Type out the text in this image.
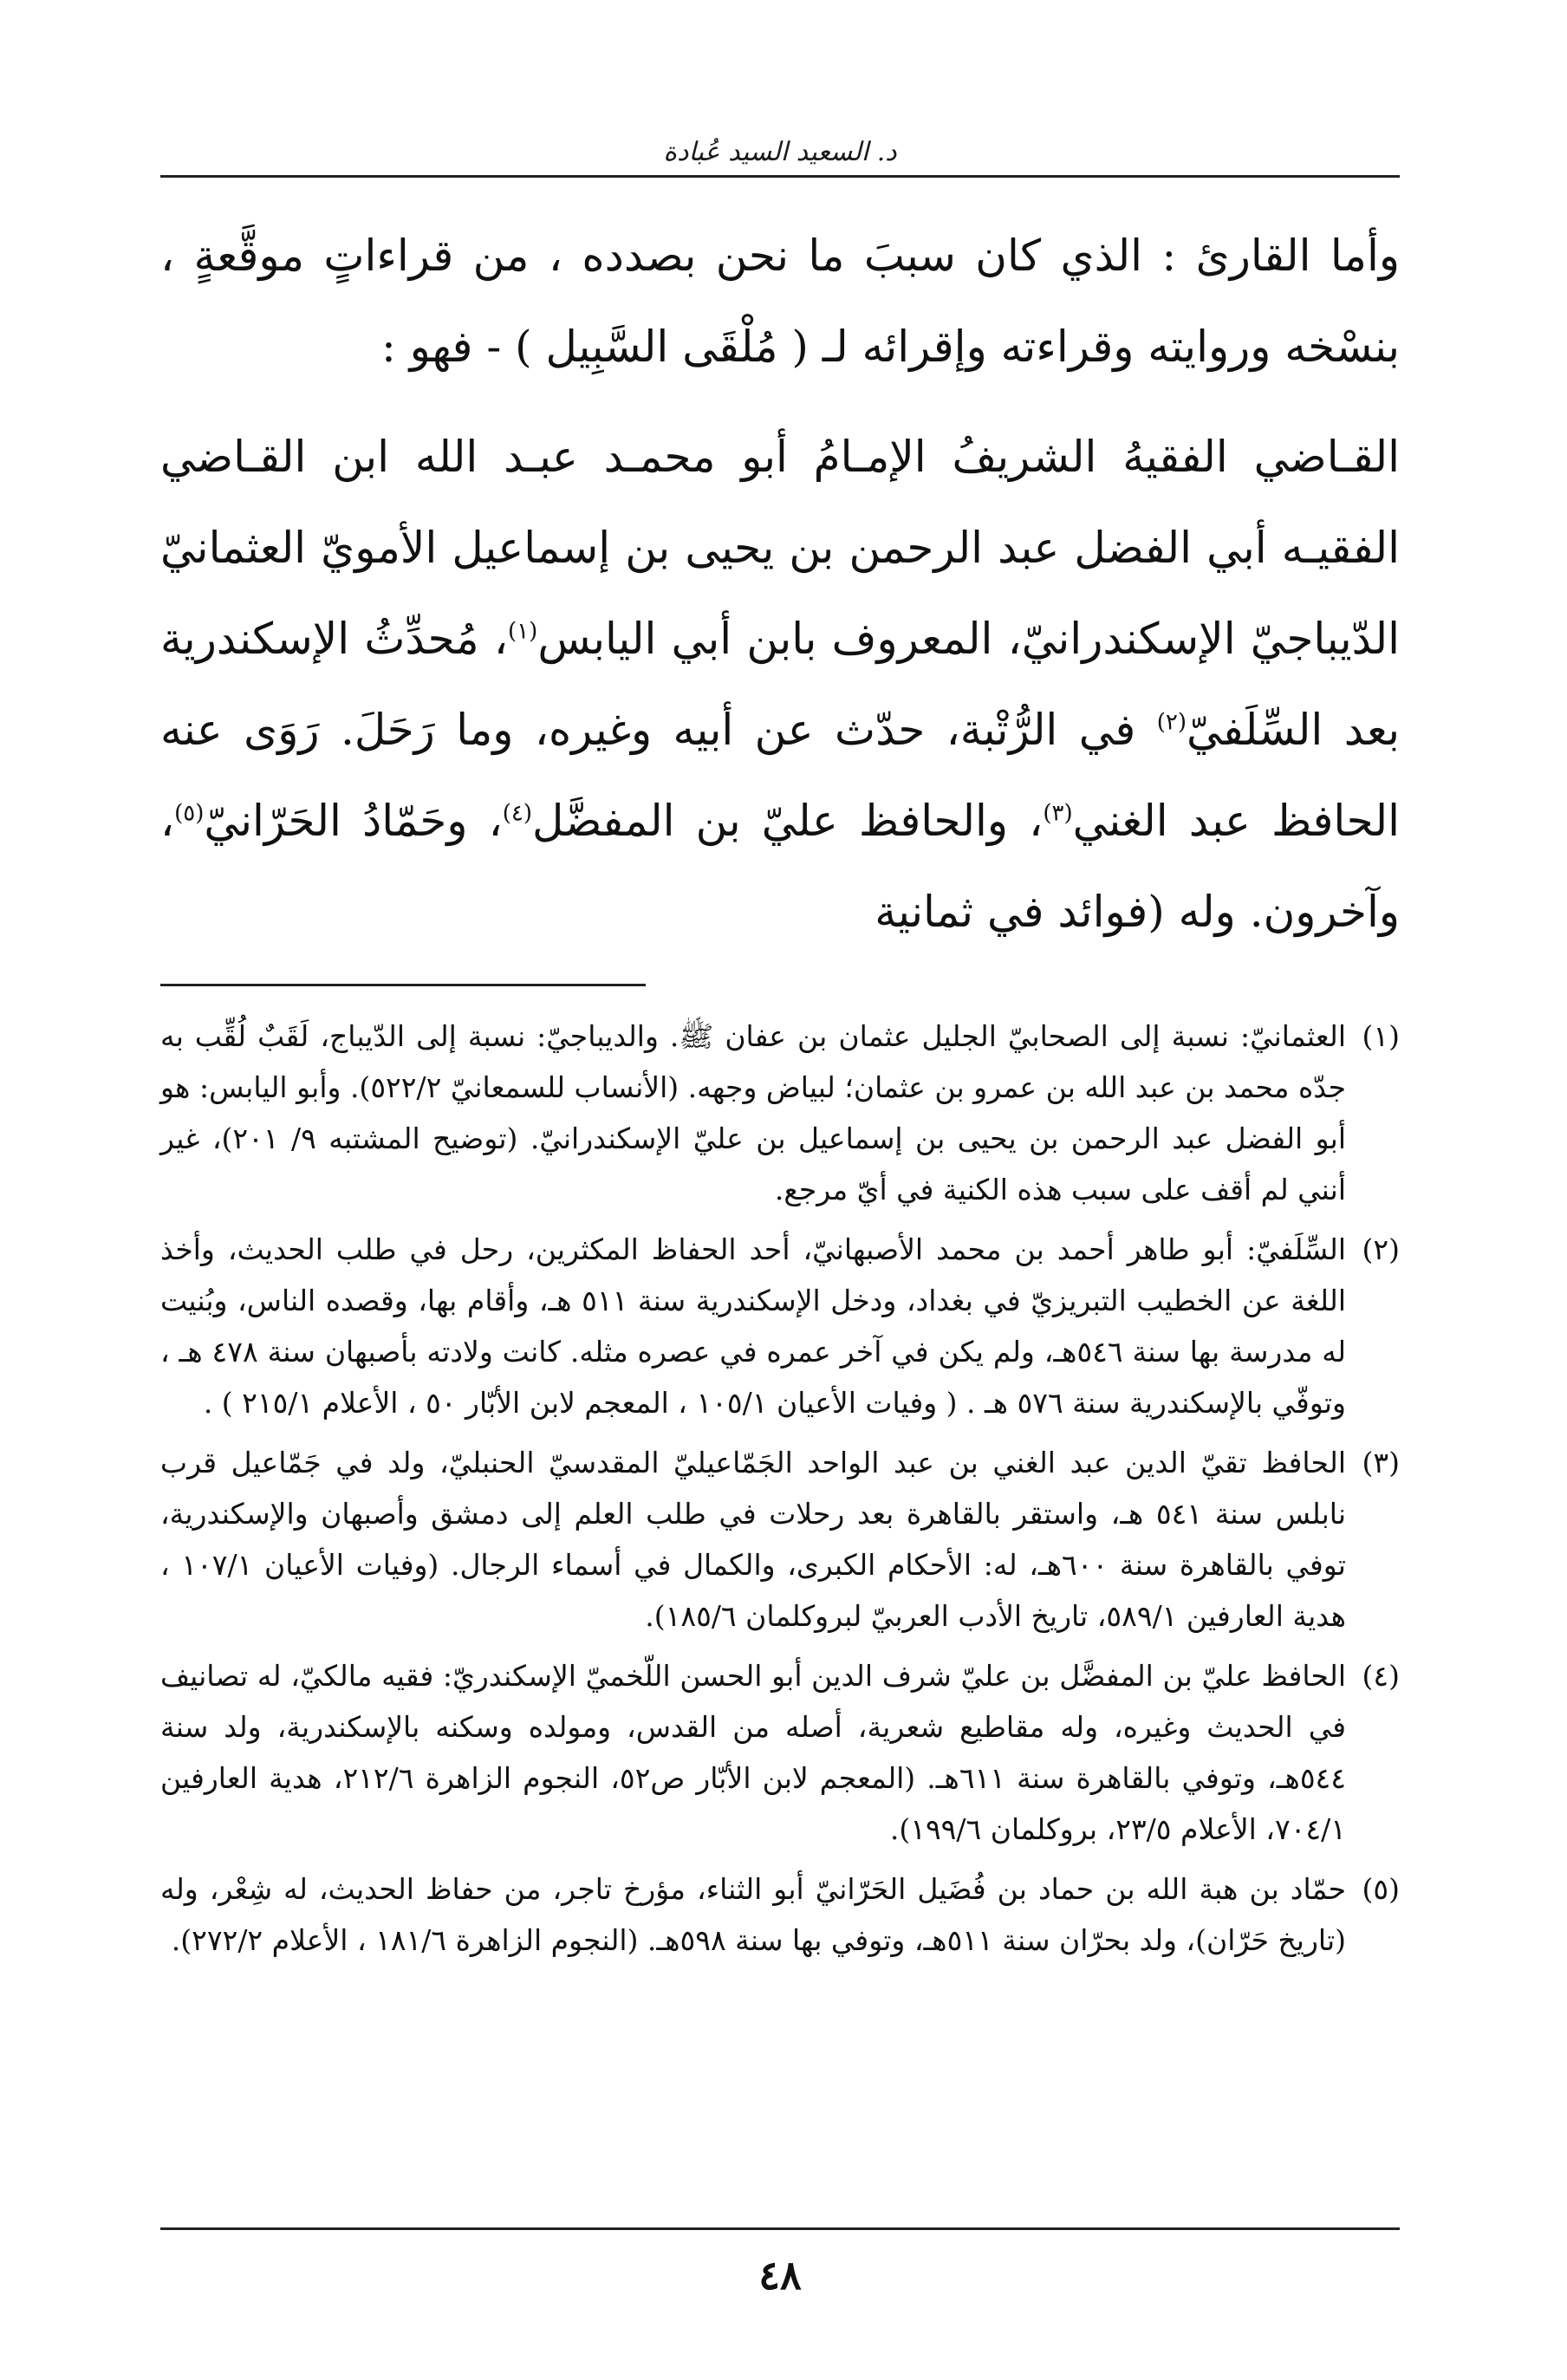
د. السعيد السيد عُبادة

وأما القارئ : الذي كان سببَ ما نحن بصدده ، من قراءاتٍ موقَّعةٍ ، بنسْخه وروايته وقراءته وإقرائه لـ ( مُلْقَى السَّبِيل ) - فهو :

القـاضي الفقيهُ الشريفُ الإمـامُ أبو محمـد عبـد الله ابن القـاضي الفقيـه أبي الفضل عبد الرحمن بن يحيى بن إسماعيل الأمويّ العثمانيّ الدّيباجيّ الإسكندرانيّ، المعروف بابن أبي اليابس$^{(١)}$، مُحدِّثُ الإسكندرية بعد السِّلَفيّ$^{(٢)}$ في الرُّتْبة، حدّث عن أبيه وغيره، وما رَحَلَ. رَوَى عنه الحافظ عبد الغني$^{(٣)}$، والحافظ عليّ بن المفضَّل$^{(٤)}$، وحَمّادُ الحَرّانيّ$^{(٥)}$، وآخرون. وله (فوائد في ثمانية

(١)
العثمانيّ: نسبة إلى الصحابيّ الجليل عثمان بن عفان ﷺ. والديباجيّ: نسبة إلى الدّيباج، لَقَبٌ لُقِّب به جدّه محمد بن عبد الله بن عمرو بن عثمان؛ لبياض وجهه. (الأنساب للسمعانيّ ٥٢٢/٢). وأبو اليابس: هو أبو الفضل عبد الرحمن بن يحيى بن إسماعيل بن عليّ الإسكندرانيّ. (توضيح المشتبه ٩/ ٢٠١)، غير أنني لم أقف على سبب هذه الكنية في أيّ مرجع.
(٢)
السِّلَفيّ: أبو طاهر أحمد بن محمد الأصبهانيّ، أحد الحفاظ المكثرين، رحل في طلب الحديث، وأخذ اللغة عن الخطيب التبريزيّ في بغداد، ودخل الإسكندرية سنة ٥١١ هـ، وأقام بها، وقصده الناس، وبُنيت له مدرسة بها سنة ٥٤٦هـ، ولم يكن في آخر عمره في عصره مثله. كانت ولادته بأصبهان سنة ٤٧٨ هـ ، وتوفّي بالإسكندرية سنة ٥٧٦ هـ . ( وفيات الأعيان ١٠٥/١ ، المعجم لابن الأبّار ٥٠ ، الأعلام ٢١٥/١ ) .
(٣)
الحافظ تقيّ الدين عبد الغني بن عبد الواحد الجَمّاعيليّ المقدسيّ الحنبليّ، ولد في جَمّاعيل قرب نابلس سنة ٥٤١ هـ، واستقر بالقاهرة بعد رحلات في طلب العلم إلى دمشق وأصبهان والإسكندرية، توفي بالقاهرة سنة ٦٠٠هـ، له: الأحكام الكبرى، والكمال في أسماء الرجال. (وفيات الأعيان ١٠٧/١ ، هدية العارفين ٥٨٩/١، تاريخ الأدب العربيّ لبروكلمان ١٨٥/٦).
(٤)
الحافظ عليّ بن المفضَّل بن عليّ شرف الدين أبو الحسن اللّخميّ الإسكندريّ: فقيه مالكيّ، له تصانيف في الحديث وغيره، وله مقاطيع شعرية، أصله من القدس، ومولده وسكنه بالإسكندرية، ولد سنة ٥٤٤هـ، وتوفي بالقاهرة سنة ٦١١هـ. (المعجم لابن الأبّار ص٥٢، النجوم الزاهرة ٢١٢/٦، هدية العارفين ٧٠٤/١، الأعلام ٢٣/٥، بروكلمان ١٩٩/٦).
(٥)
حمّاد بن هبة الله بن حماد بن فُضَيل الحَرّانيّ أبو الثناء، مؤرخ تاجر، من حفاظ الحديث، له شِعْر، وله (تاريخ حَرّان)، ولد بحرّان سنة ٥١١هـ، وتوفي بها سنة ٥٩٨هـ. (النجوم الزاهرة ١٨١/٦ ، الأعلام ٢٧٢/٢).
٤٨
